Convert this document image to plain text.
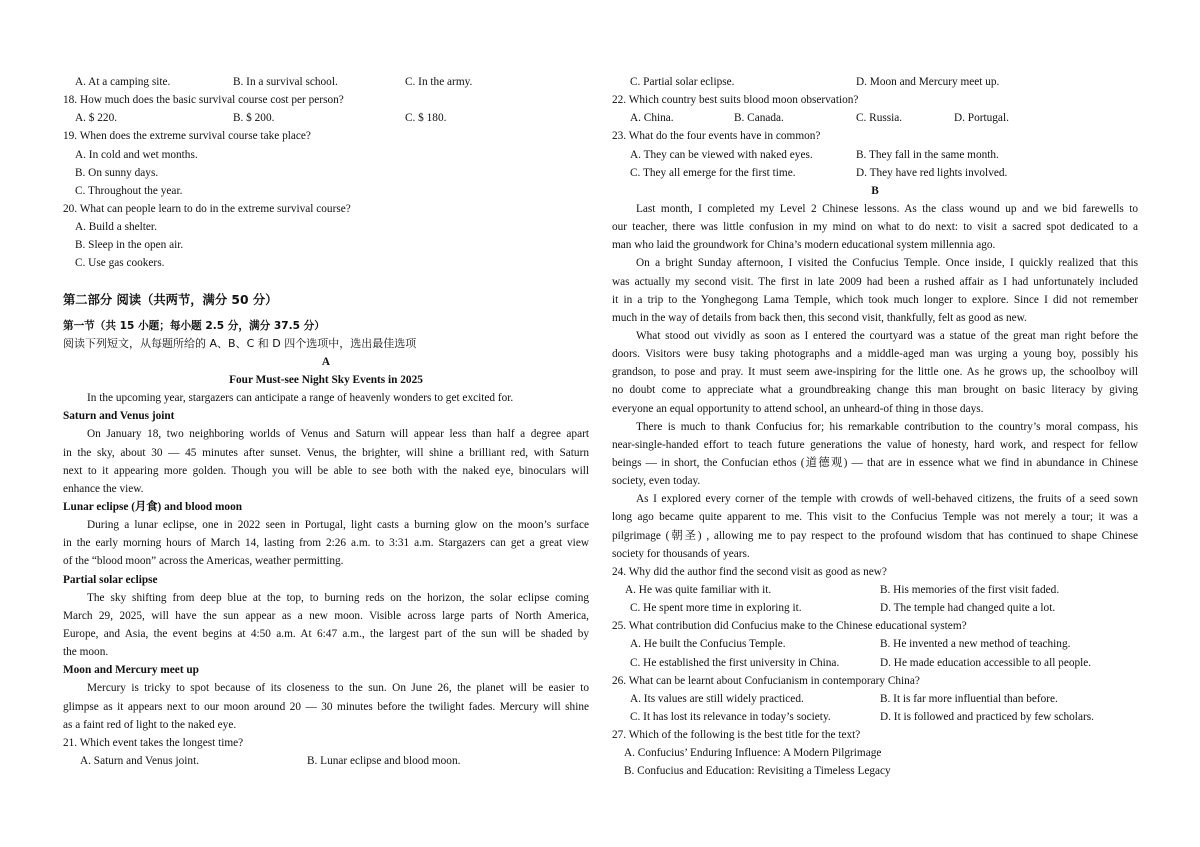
A. At a camping site.	B. In a survival school.	C. In the army.
18. How much does the basic survival course cost per person?
A. $ 220.	B. $ 200.	C. $ 180.
19. When does the extreme survival course take place?
A. In cold and wet months.
B. On sunny days.
C. Throughout the year.
20. What can people learn to do in the extreme survival course?
A. Build a shelter.
B. Sleep in the open air.
C. Use gas cookers.
第二部分 阅读（共两节，满分 50 分）
第一节（共 15 小题；每小题 2.5 分，满分 37.5 分）
阅读下列短文，从每题所给的 A、B、C 和 D 四个选项中，选出最佳选项
A
Four Must-see Night Sky Events in 2025
In the upcoming year, stargazers can anticipate a range of heavenly wonders to get excited for.
Saturn and Venus joint
On January 18, two neighboring worlds of Venus and Saturn will appear less than half a degree apart
in the sky, about 30 — 45 minutes after sunset. Venus, the brighter, will shine a brilliant red, with Saturn
next to it appearing more golden. Though you will be able to see both with the naked eye, binoculars will
enhance the view.
Lunar eclipse (月食) and blood moon
During a lunar eclipse, one in 2022 seen in Portugal, light casts a burning glow on the moon’s surface
in the early morning hours of March 14, lasting from 2:26 a.m. to 3:31 a.m. Stargazers can get a great view
of the “blood moon” across the Americas, weather permitting.
Partial solar eclipse
The sky shifting from deep blue at the top, to burning reds on the horizon, the solar eclipse coming
March 29, 2025, will have the sun appear as a new moon. Visible across large parts of North America,
Europe, and Asia, the event begins at 4:50 a.m. At 6:47 a.m., the largest part of the sun will be shaded by
the moon.
Moon and Mercury meet up
Mercury is tricky to spot because of its closeness to the sun. On June 26, the planet will be easier to
glimpse as it appears next to our moon around 20 — 30 minutes before the twilight fades. Mercury will shine
as a faint red of light to the naked eye.
21. Which event takes the longest time?
A. Saturn and Venus joint.	B. Lunar eclipse and blood moon.
C. Partial solar eclipse.	D. Moon and Mercury meet up.
22. Which country best suits blood moon observation?
A. China.	B. Canada.	C. Russia.	D. Portugal.
23. What do the four events have in common?
A. They can be viewed with naked eyes.	B. They fall in the same month.
C. They all emerge for the first time.	D. They have red lights involved.
B
Last month, I completed my Level 2 Chinese lessons. As the class wound up and we bid farewells to
our teacher, there was little confusion in my mind on what to do next: to visit a sacred spot dedicated to a
man who laid the groundwork for China’s modern educational system millennia ago.
On a bright Sunday afternoon, I visited the Confucius Temple. Once inside, I quickly realized that this
was actually my second visit. The first in late 2009 had been a rushed affair as I had unfortunately included
it in a trip to the Yonghegong Lama Temple, which took much longer to explore. Since I did not remember
much in the way of details from back then, this second visit, thankfully, felt as good as new.
What stood out vividly as soon as I entered the courtyard was a statue of the great man right before the
doors. Visitors were busy taking photographs and a middle-aged man was urging a young boy, possibly his
grandson, to pose and pray. It must seem awe-inspiring for the little one. As he grows up, the schoolboy will
no doubt come to appreciate what a groundbreaking change this man brought on basic literacy by giving
everyone an equal opportunity to attend school, an unheard-of thing in those days.
There is much to thank Confucius for; his remarkable contribution to the country’s moral compass, his
near-single-handed effort to teach future generations the value of honesty, hard work, and respect for fellow
beings — in short, the Confucian ethos (道德观) — that are in essence what we find in abundance in Chinese
society, even today.
As I explored every corner of the temple with crowds of well-behaved citizens, the fruits of a seed sown
long ago became quite apparent to me. This visit to the Confucius Temple was not merely a tour; it was a
pilgrimage (朝圣) , allowing me to pay respect to the profound wisdom that has continued to shape Chinese
society for thousands of years.
24. Why did the author find the second visit as good as new?
A. He was quite familiar with it.	B. His memories of the first visit faded.
C. He spent more time in exploring it.	D. The temple had changed quite a lot.
25. What contribution did Confucius make to the Chinese educational system?
A. He built the Confucius Temple.	B. He invented a new method of teaching.
C. He established the first university in China.	D. He made education accessible to all people.
26. What can be learnt about Confucianism in contemporary China?
A. Its values are still widely practiced.	B. It is far more influential than before.
C. It has lost its relevance in today’s society.	D. It is followed and practiced by few scholars.
27. Which of the following is the best title for the text?
A. Confucius’ Enduring Influence: A Modern Pilgrimage
B. Confucius and Education: Revisiting a Timeless Legacy
